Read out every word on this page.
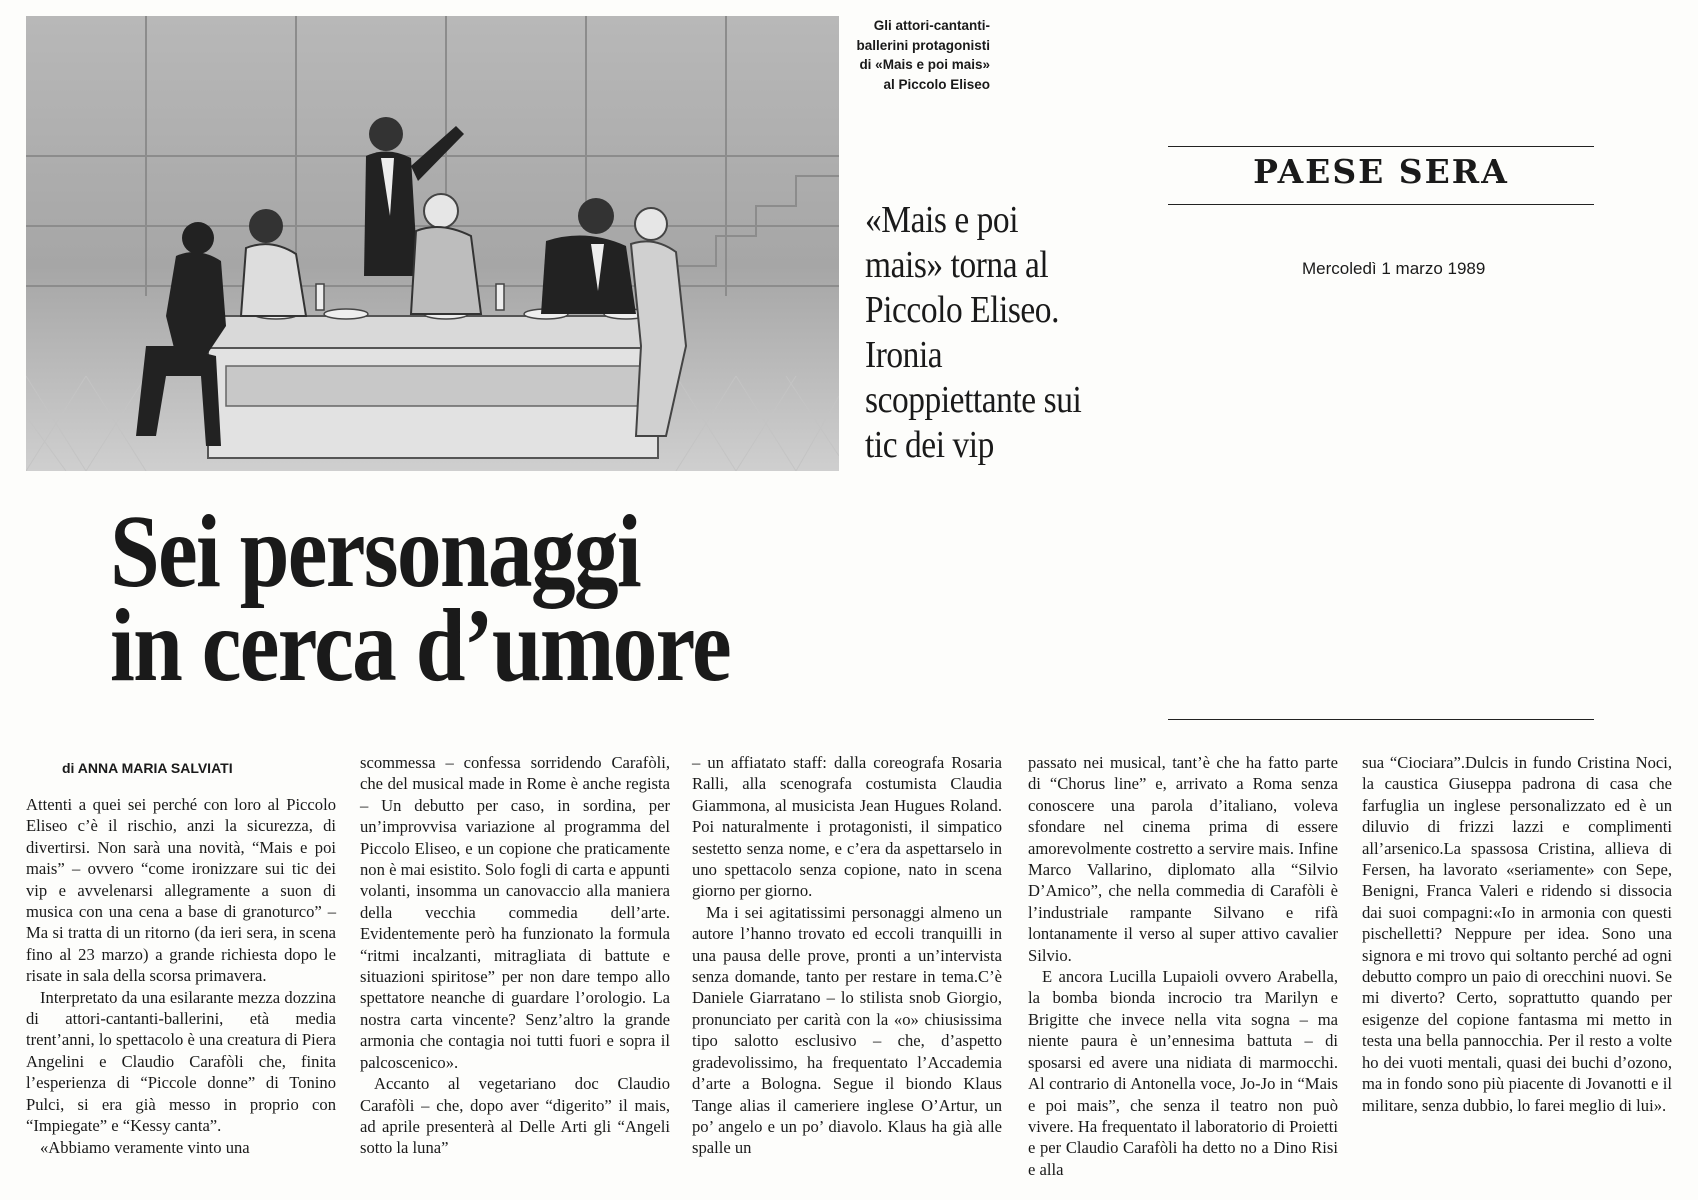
Gli attori-cantanti-ballerini protagonisti di «Mais e poi mais» al Piccolo Eliseo
«Mais e poi mais» torna al Piccolo Eliseo. Ironia scoppiettante sui tic dei vip
PAESE SERA
Mercoledì 1 marzo 1989
Sei personaggi
in cerca d’umore
di ANNA MARIA SALVIATI

Attenti a quei sei perché con loro al Piccolo Eliseo c’è il rischio, anzi la sicurezza, di divertirsi. Non sarà una novità, “Mais e poi mais” – ovvero “come ironizzare sui tic dei vip e avvelenarsi allegramente a suon di musica con una cena a base di granoturco” – Ma si tratta di un ritorno (da ieri sera, in scena fino al 23 marzo) a grande richiesta dopo le risate in sala della scorsa primavera.

Interpretato da una esilarante mezza dozzina di attori-cantanti-ballerini, età media trent’anni, lo spettacolo è una creatura di Piera Angelini e Claudio Carafòli che, finita l’esperienza di “Piccole donne” di Tonino Pulci, si era già messo in proprio con “Impiegate” e “Kessy canta”.

«Abbiamo veramente vinto una

scommessa – confessa sorridendo Carafòli, che del musical made in Rome è anche regista – Un debutto per caso, in sordina, per un’improvvisa variazione al programma del Piccolo Eliseo, e un copione che praticamente non è mai esistito. Solo fogli di carta e appunti volanti, insomma un canovaccio alla maniera della vecchia commedia dell’arte. Evidentemente però ha funzionato la formula “ritmi incalzanti, mitragliata di battute e situazioni spiritose” per non dare tempo allo spettatore neanche di guardare l’orologio. La nostra carta vincente? Senz’altro la grande armonia che contagia noi tutti fuori e sopra il palcoscenico».

Accanto al vegetariano doc Claudio Carafòli – che, dopo aver “digerito” il mais, ad aprile presenterà al Delle Arti gli “Angeli sotto la luna”

– un affiatato staff: dalla coreografa Rosaria Ralli, alla scenografa costumista Claudia Giammona, al musicista Jean Hugues Roland. Poi naturalmente i protagonisti, il simpatico sestetto senza nome, e c’era da aspettarselo in uno spettacolo senza copione, nato in scena giorno per giorno.

Ma i sei agitatissimi personaggi almeno un autore l’hanno trovato ed eccoli tranquilli in una pausa delle prove, pronti a un’intervista senza domande, tanto per restare in tema.C’è Daniele Giarratano – lo stilista snob Giorgio, pronunciato per carità con la «o» chiusissima tipo salotto esclusivo – che, d’aspetto gradevolissimo, ha frequentato l’Accademia d’arte a Bologna. Segue il biondo Klaus Tange alias il cameriere inglese O’Artur, un po’ angelo e un po’ diavolo. Klaus ha già alle spalle un

passato nei musical, tant’è che ha fatto parte di “Chorus line” e, arrivato a Roma senza conoscere una parola d’italiano, voleva sfondare nel cinema prima di essere amorevolmente costretto a servire mais. Infine Marco Vallarino, diplomato alla “Silvio D’Amico”, che nella commedia di Carafòli è l’industriale rampante Silvano e rifà lontanamente il verso al super attivo cavalier Silvio.

E ancora Lucilla Lupaioli ovvero Arabella, la bomba bionda incrocio tra Marilyn e Brigitte che invece nella vita sogna – ma niente paura è un’ennesima battuta – di sposarsi ed avere una nidiata di marmocchi. Al contrario di Antonella voce, Jo-Jo in “Mais e poi mais”, che senza il teatro non può vivere. Ha frequentato il laboratorio di Proietti e per Claudio Carafòli ha detto no a Dino Risi e alla

sua “Ciociara”.Dulcis in fundo Cristina Noci, la caustica Giuseppa padrona di casa che farfuglia un inglese personalizzato ed è un diluvio di frizzi lazzi e complimenti all’arsenico.La spassosa Cristina, allieva di Fersen, ha lavorato «seriamente» con Sepe, Benigni, Franca Valeri e ridendo si dissocia dai suoi compagni:«Io in armonia con questi pischelletti? Neppure per idea. Sono una signora e mi trovo qui soltanto perché ad ogni debutto compro un paio di orecchini nuovi. Se mi diverto? Certo, soprattutto quando per esigenze del copione fantasma mi metto in testa una bella pannocchia. Per il resto a volte ho dei vuoti mentali, quasi dei buchi d’ozono, ma in fondo sono più piacente di Jovanotti e il militare, senza dubbio, lo farei meglio di lui».
